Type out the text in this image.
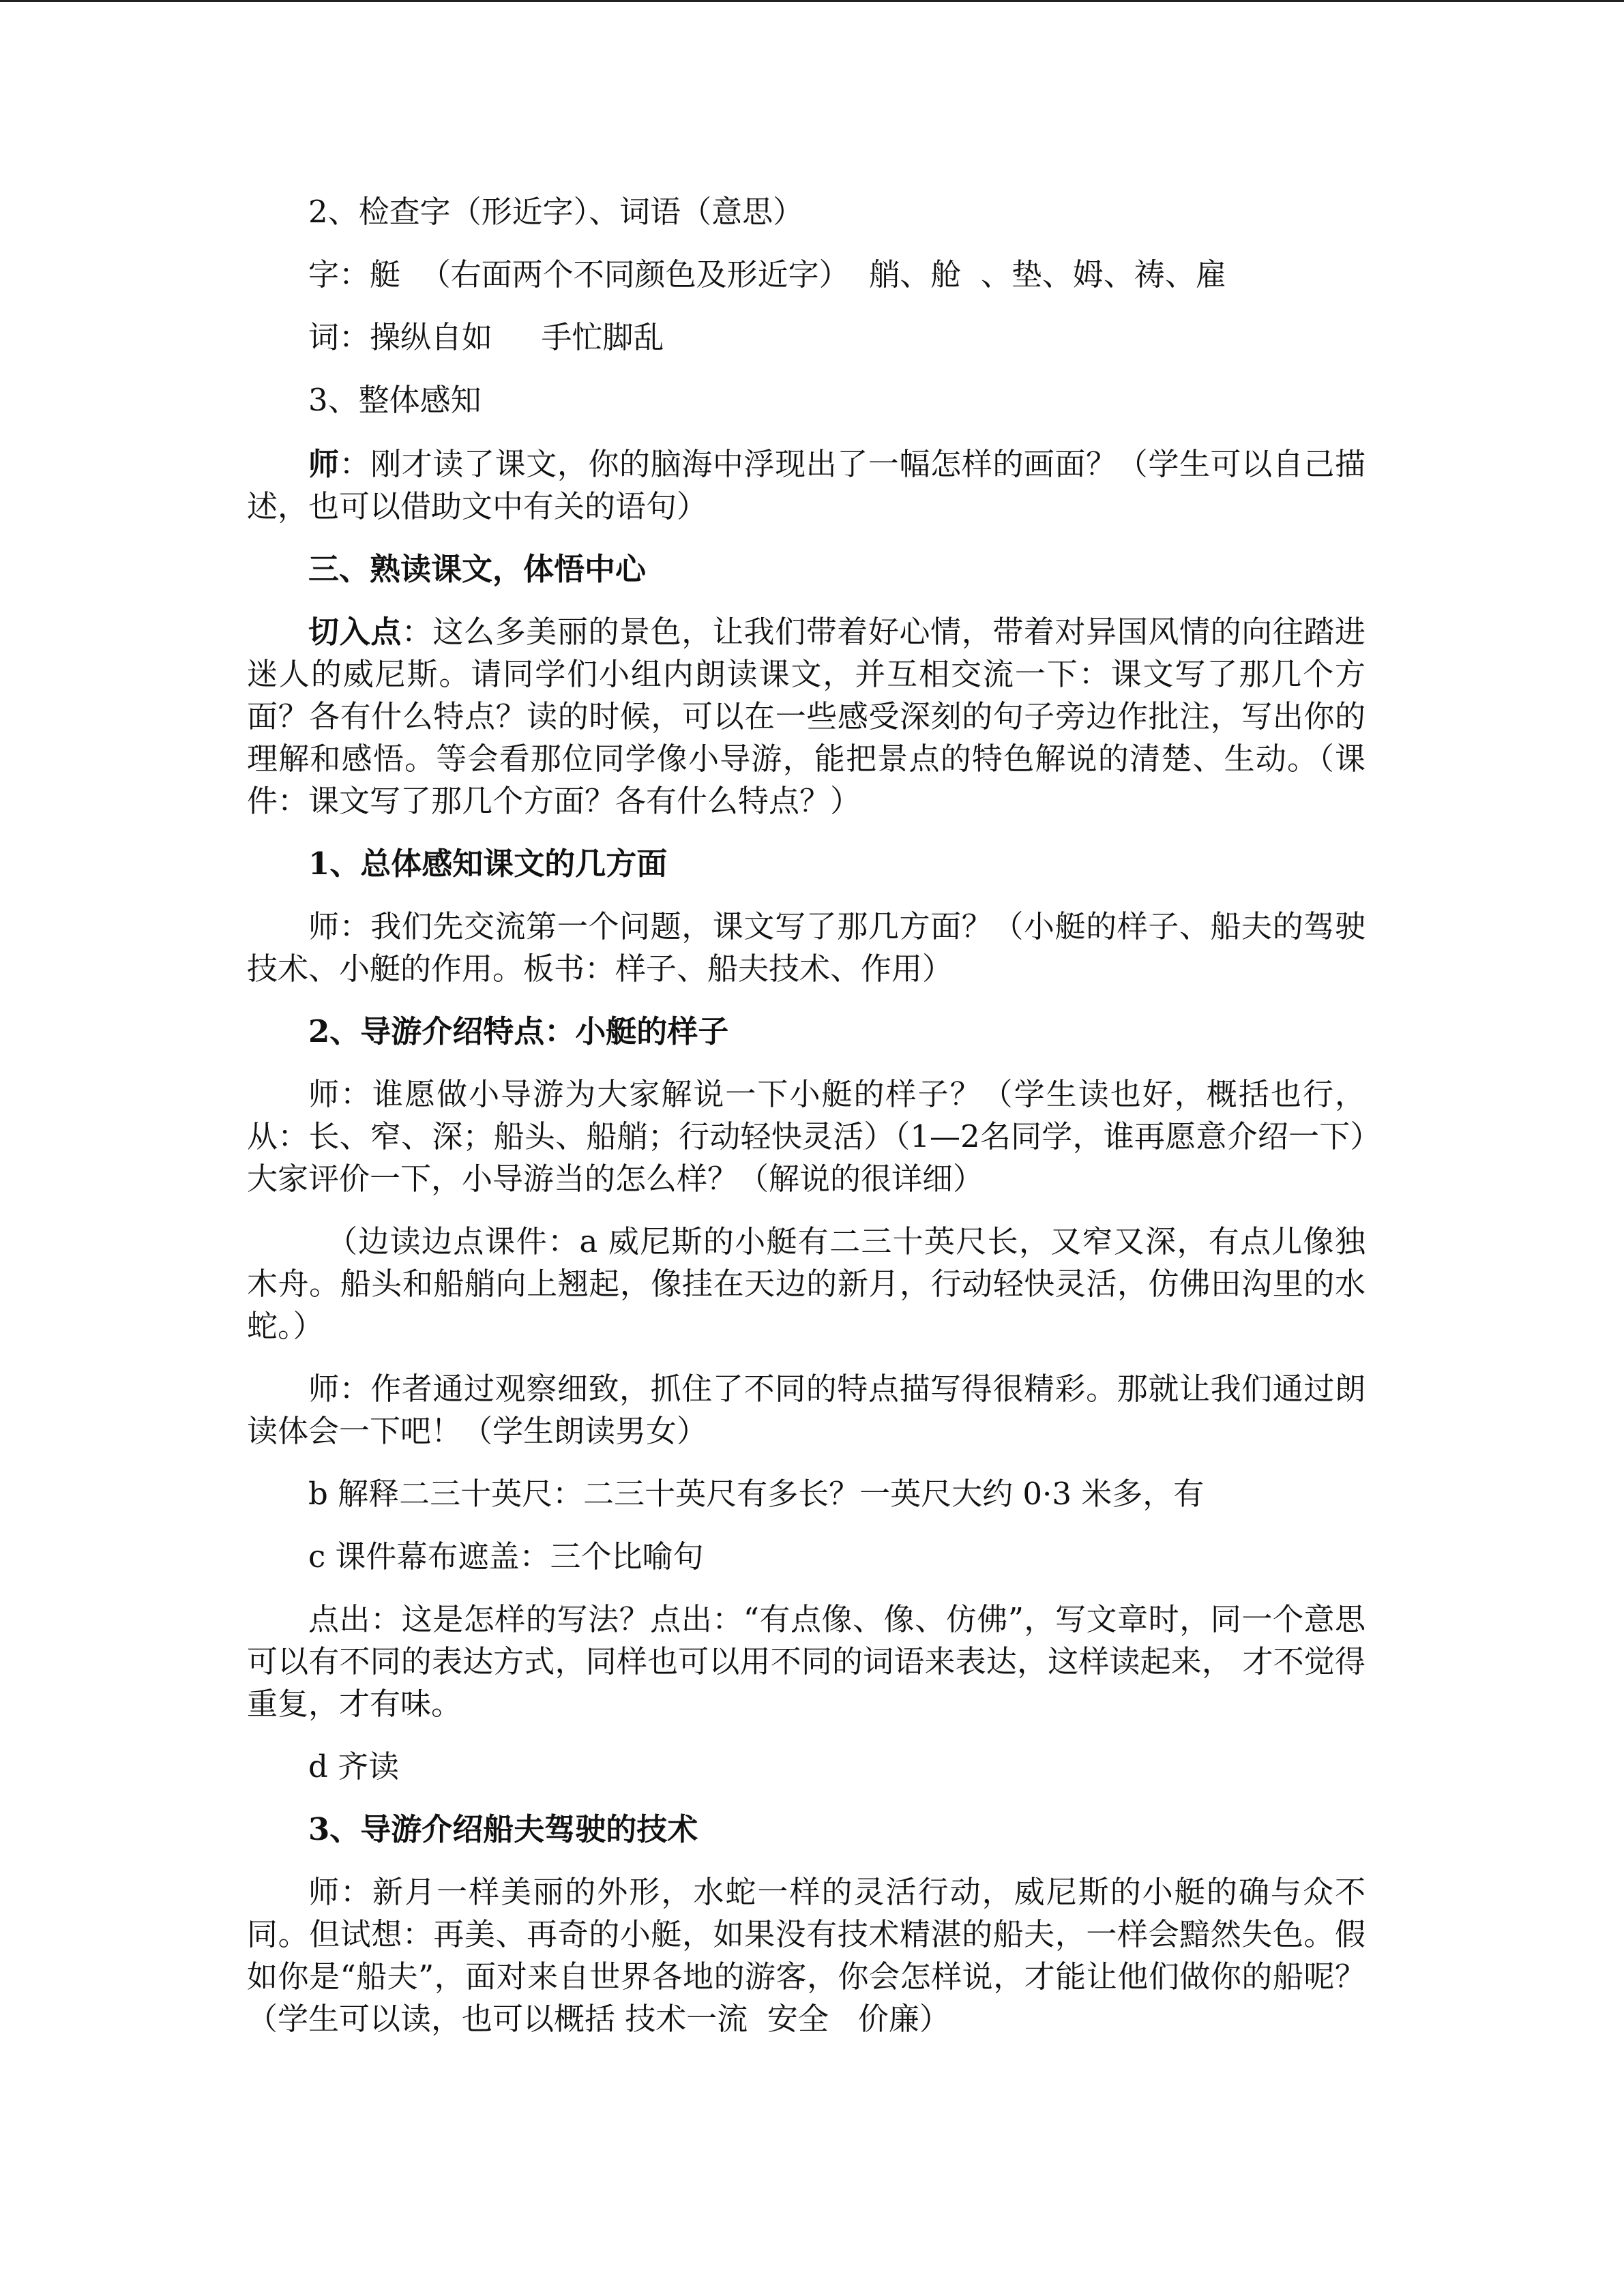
2、检查字（形近字）、词语（意思）

字：艇  （右面两个不同颜色及形近字）  艄、舱  、垫、姆、祷、雇

词：操纵自如     手忙脚乱

3、整体感知

师：刚才读了课文，你的脑海中浮现出了一幅怎样的画面？（学生可以自己描述，也可以借助文中有关的语句）

三、熟读课文，体悟中心

切入点：这么多美丽的景色，让我们带着好心情，带着对异国风情的向往踏进迷人的威尼斯。请同学们小组内朗读课文，并互相交流一下：课文写了那几个方面？各有什么特点？读的时候，可以在一些感受深刻的句子旁边作批注，写出你的理解和感悟。等会看那位同学像小导游，能把景点的特色解说的清楚、生动。（课件：课文写了那几个方面？各有什么特点？）

1、总体感知课文的几方面

师：我们先交流第一个问题，课文写了那几方面？（小艇的样子、船夫的驾驶技术、小艇的作用。板书：样子、船夫技术、作用）

2、导游介绍特点：小艇的样子

师：谁愿做小导游为大家解说一下小艇的样子？（学生读也好，概括也行，从：长、窄、深；船头、船艄；行动轻快灵活）（1—2名同学，谁再愿意介绍一下）大家评价一下，小导游当的怎么样？（解说的很详细）

（边读边点课件：a 威尼斯的小艇有二三十英尺长，又窄又深，有点儿像独木舟。船头和船艄向上翘起，像挂在天边的新月，行动轻快灵活，仿佛田沟里的水蛇。）

师：作者通过观察细致，抓住了不同的特点描写得很精彩。那就让我们通过朗读体会一下吧！（学生朗读男女）

b 解释二三十英尺：二三十英尺有多长？一英尺大约 0·3 米多，有

c 课件幕布遮盖：三个比喻句

点出：这是怎样的写法？点出：“有点像、像、仿佛”，写文章时，同一个意思可以有不同的表达方式，同样也可以用不同的词语来表达，这样读起来， 才不觉得重复，才有味。

d 齐读

3、导游介绍船夫驾驶的技术

师：新月一样美丽的外形，水蛇一样的灵活行动，威尼斯的小艇的确与众不同。但试想：再美、再奇的小艇，如果没有技术精湛的船夫，一样会黯然失色。假如你是“船夫”，面对来自世界各地的游客，你会怎样说，才能让他们做你的船呢？（学生可以读，也可以概括 技术一流  安全   价廉）
